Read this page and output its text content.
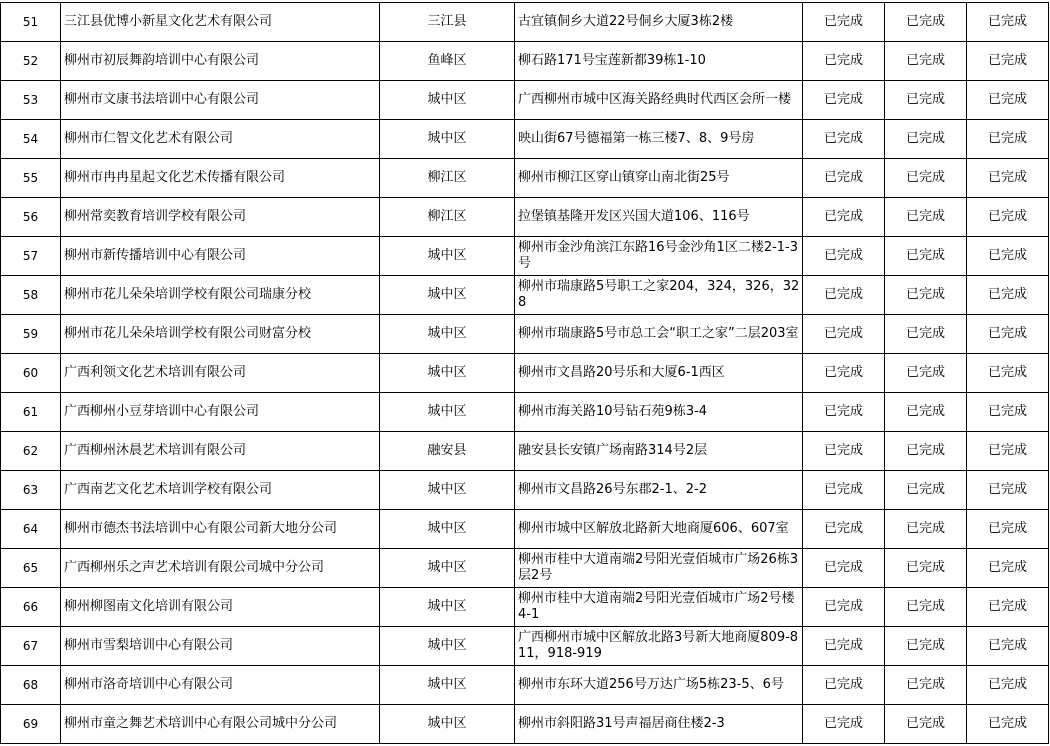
51	三江县优博小新星文化艺术有限公司	三江县	古宜镇侗乡大道22号侗乡大厦3栋2楼	已完成	已完成	已完成
52	柳州市初辰舞韵培训中心有限公司	鱼峰区	柳石路171号宝莲新都39栋1-10	已完成	已完成	已完成
53	柳州市文康书法培训中心有限公司	城中区	广西柳州市城中区海关路经典时代西区会所一楼	已完成	已完成	已完成
54	柳州市仁智文化艺术有限公司	城中区	映山街67号德福第一栋三楼7、8、9号房	已完成	已完成	已完成
55	柳州市冉冉星起文化艺术传播有限公司	柳江区	柳州市柳江区穿山镇穿山南北街25号	已完成	已完成	已完成
56	柳州常奕教育培训学校有限公司	柳江区	拉堡镇基隆开发区兴国大道106、116号	已完成	已完成	已完成
57	柳州市新传播培训中心有限公司	城中区	柳州市金沙角滨江东路16号金沙角1区二楼2-1-3号	已完成	已完成	已完成
58	柳州市花儿朵朵培训学校有限公司瑞康分校	城中区	柳州市瑞康路5号职工之家204，324，326，328	已完成	已完成	已完成
59	柳州市花儿朵朵培训学校有限公司财富分校	城中区	柳州市瑞康路5号市总工会“职工之家”二层203室	已完成	已完成	已完成
60	广西利领文化艺术培训有限公司	城中区	柳州市文昌路20号乐和大厦6-1西区	已完成	已完成	已完成
61	广西柳州小豆芽培训中心有限公司	城中区	柳州市海关路10号钻石苑9栋3-4	已完成	已完成	已完成
62	广西柳州沐晨艺术培训有限公司	融安县	融安县长安镇广场南路314号2层	已完成	已完成	已完成
63	广西南艺文化艺术培训学校有限公司	城中区	柳州市文昌路26号东郡2-1、2-2	已完成	已完成	已完成
64	柳州市德杰书法培训中心有限公司新大地分公司	城中区	柳州市城中区解放北路新大地商厦606、607室	已完成	已完成	已完成
65	广西柳州乐之声艺术培训有限公司城中分公司	城中区	柳州市桂中大道南端2号阳光壹佰城市广场26栋3层2号	已完成	已完成	已完成
66	柳州柳图南文化培训有限公司	城中区	柳州市桂中大道南端2号阳光壹佰城市广场2号楼4-1	已完成	已完成	已完成
67	柳州市雪梨培训中心有限公司	城中区	广西柳州市城中区解放北路3号新大地商厦809-811，918-919	已完成	已完成	已完成
68	柳州市洛奇培训中心有限公司	城中区	柳州市东环大道256号万达广场5栋23-5、6号	已完成	已完成	已完成
69	柳州市童之舞艺术培训中心有限公司城中分公司	城中区	柳州市斜阳路31号声福居商住楼2-3	已完成	已完成	已完成
